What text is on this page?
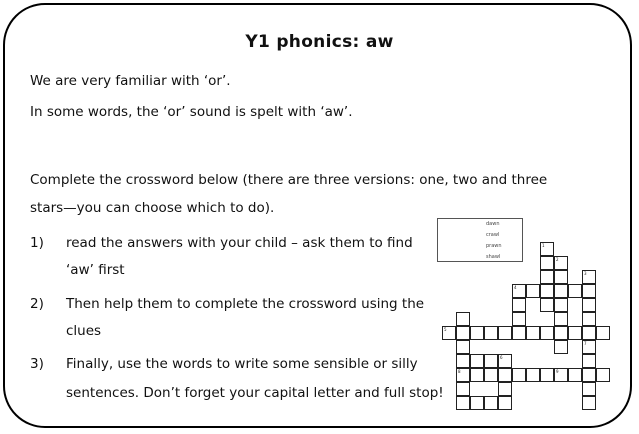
Y1 phonics: aw
We are very familiar with ‘or’.
In some words, the ‘or’ sound is spelt with ‘aw’.
Complete the crossword below (there are three versions: one, two and three
stars—you can choose which to do).
1) read the answers with your child – ask them to find
‘aw’ first
2) Then help them to complete the crossword using the
clues
3) Finally, use the words to write some sensible or silly
sentences. Don’t forget your capital letter and full stop!
dawn
crawl
prawn
shawl
1
2
4
3
8
7
6
5
9
